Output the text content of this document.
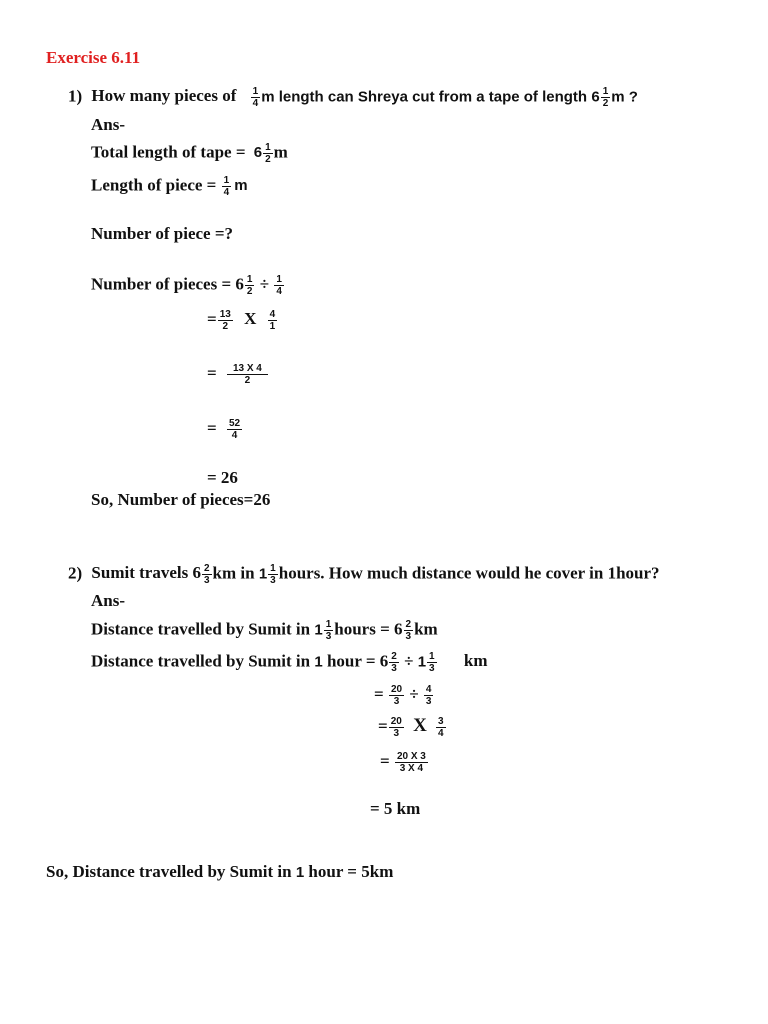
Exercise 6.11
1) How many pieces of $\frac{1}{4}$ m length can Shreya cut from a tape of length $6 \frac{1}{2}$ m ?
Ans-
Total length of tape = $6 \frac{1}{2}$ m
Length of piece = $\frac{1}{4}$ m
Number of piece =?
Number of pieces = $6 \frac{1}{2} \div \frac{1}{4}$
= $\frac{13}{2}$ X $\frac{4}{1}$
= $\frac{13 X 4}{2}$
= $\frac{52}{4}$
= 26
So, Number of pieces=26
2) Sumit travels $6 \frac{2}{3}$ km in $1 \frac{1}{3}$ hours. How much distance would he cover in 1hour?
Ans-
Distance travelled by Sumit in $1 \frac{1}{3}$ hours = $6 \frac{2}{3}$ km
Distance travelled by Sumit in 1 hour = $6 \frac{2}{3} \div 1 \frac{1}{3}$ km
= $\frac{20}{3} \div \frac{4}{3}$
= $\frac{20}{3}$ X $\frac{3}{4}$
= $\frac{20 X 3}{3 X 4}$
= 5 km
So, Distance travelled by Sumit in 1 hour = 5km
